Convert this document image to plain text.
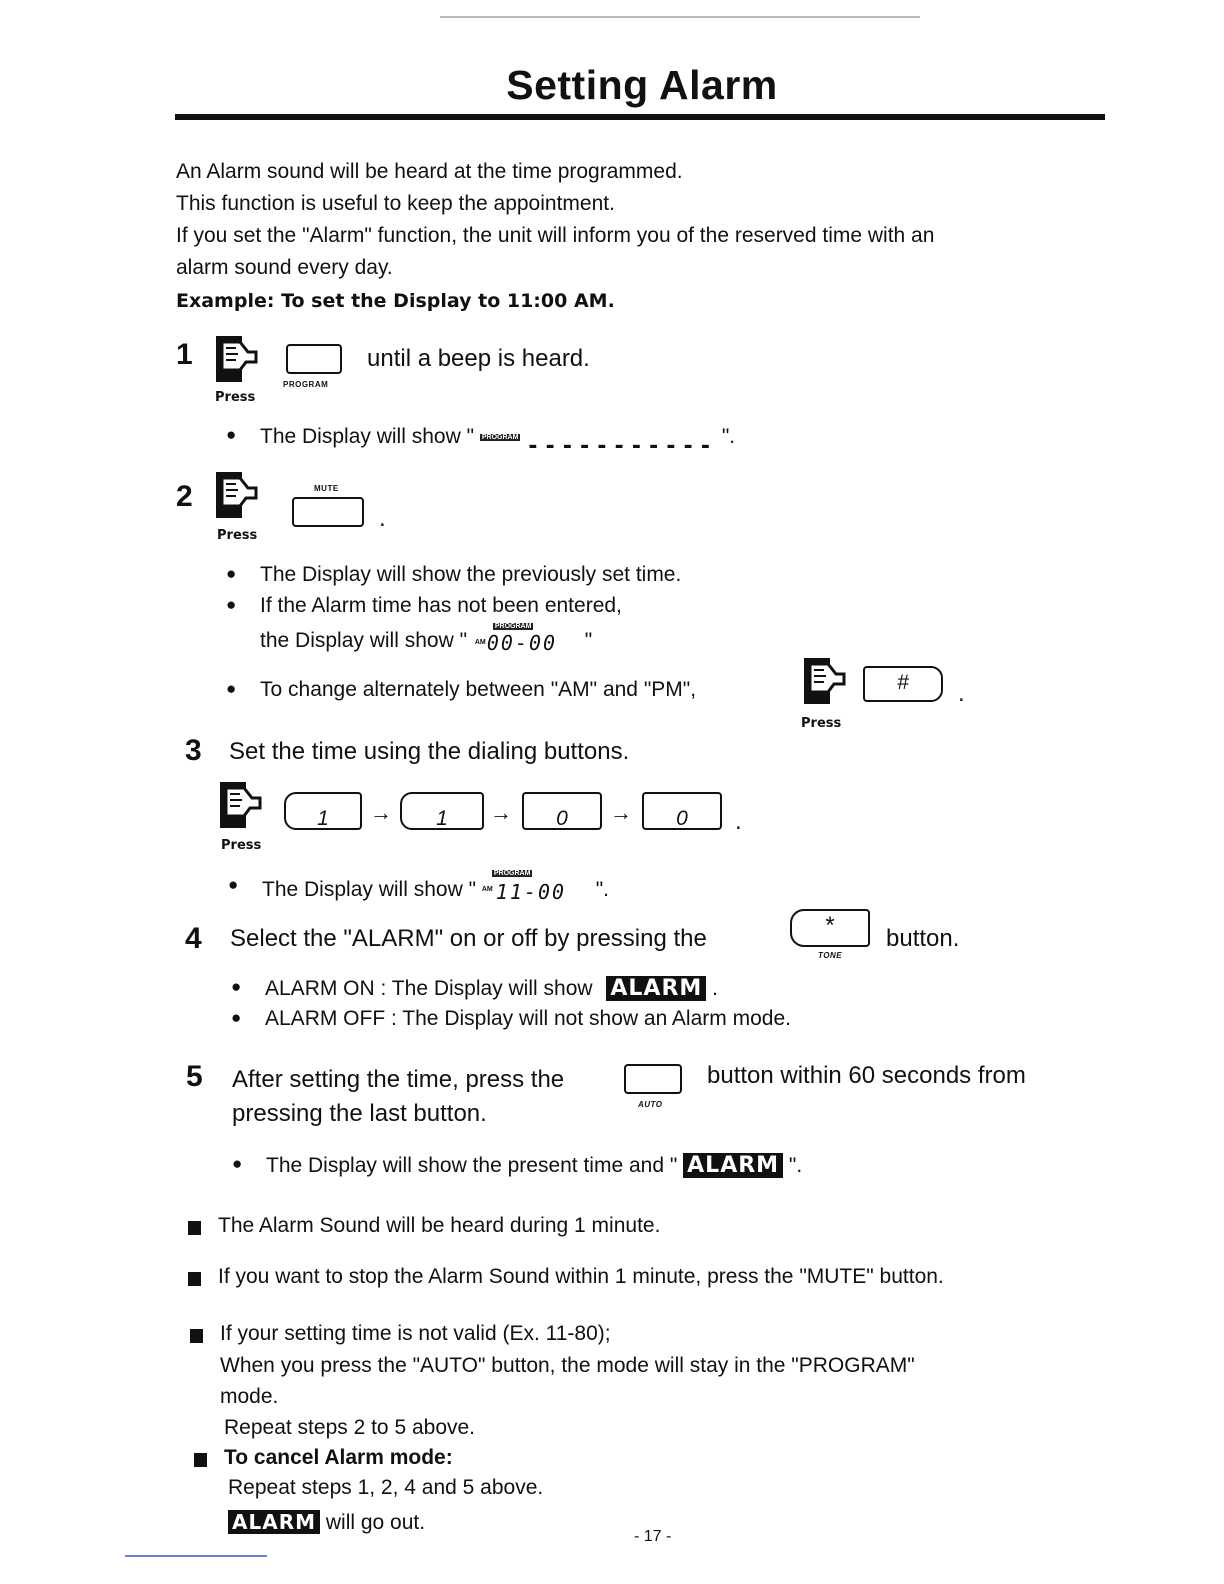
Setting Alarm
An Alarm sound will be heard at the time programmed.
This function is useful to keep the appointment.
If you set the "Alarm" function, the unit will inform you of the reserved time with an
alarm sound every day.
Example: To set the Display to 11:00 AM.
1
Press
PROGRAM
until a beep is heard.
● The Display will show " PROGRAM ----------- ".
2
Press
MUTE
.
● The Display will show the previously set time.
● If the Alarm time has not been entered,
the Display will show "
PROGRAM
AM 00-00 "
● To change alternately between "AM" and "PM",
Press
#	.
3 Set the time using the dialing buttons.
Press
1	→	1	→	0	→	0	.
● The Display will show "
PROGRAM
AM 11-00 ".
4 Select the "ALARM" on or off by pressing the	*
TONE
button.
● ALARM ON : The Display will show ALARM .
● ALARM OFF : The Display will not show an Alarm mode.
5 After setting the time, press the
AUTO
button within 60 seconds from
pressing the last button.
● The Display will show the present time and " ALARM ".
The Alarm Sound will be heard during 1 minute.
If you want to stop the Alarm Sound within 1 minute, press the "MUTE" button.
If your setting time is not valid (Ex. 11-80);
When you press the "AUTO" button, the mode will stay in the "PROGRAM"
mode.
Repeat steps 2 to 5 above.
To cancel Alarm mode:
Repeat steps 1, 2, 4 and 5 above.
ALARM will go out.
- 17 -
